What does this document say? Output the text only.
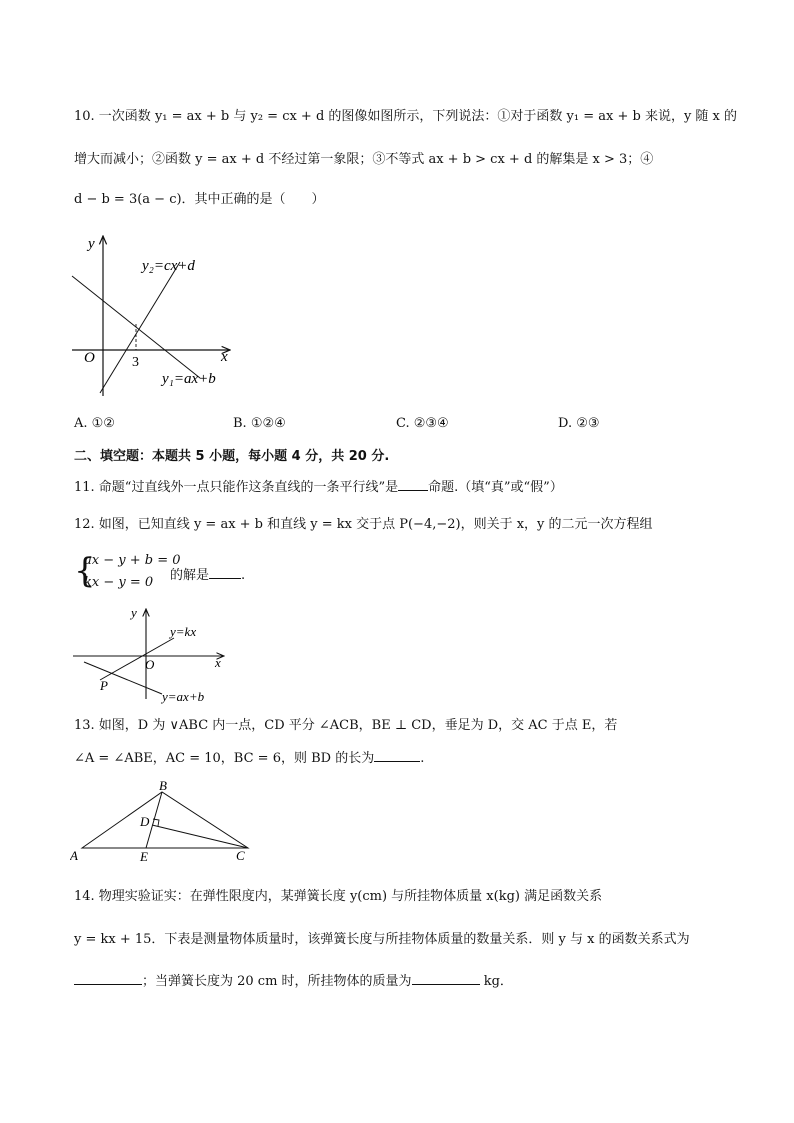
10. 一次函数 y₁ = ax + b 与 y₂ = cx + d 的图像如图所示，下列说法：①对于函数 y₁ = ax + b 来说，y 随 x 的
增大而减小；②函数 y = ax + d 不经过第一象限；③不等式 ax + b > cx + d 的解集是 x > 3；④
d − b = 3(a − c)．其中正确的是（　　）
y
x
O	3
y₂=cx+d
y₁=ax+b
A. ①②	B. ①②④	C. ②③④	D. ②③
二、填空题：本题共 5 小题，每小题 4 分，共 20 分.
11. 命题“过直线外一点只能作这条直线的一条平行线”是 命题.（填“真”或“假”）
12. 如图，已知直线 y = ax + b 和直线 y = kx 交于点 P(−4,−2)，则关于 x，y 的二元一次方程组
{
ax − y + b = 0
kx − y = 0 的解是 .
y
x
O
P
y=kx
y=ax+b
13. 如图，D 为 ∨ABC 内一点，CD 平分 ∠ACB，BE ⊥ CD，垂足为 D，交 AC 于点 E，若
∠A = ∠ABE，AC = 10，BC = 6，则 BD 的长为	.
A
B
C
D
E
14. 物理实验证实：在弹性限度内，某弹簧长度 y(cm) 与所挂物体质量 x(kg) 满足函数关系
y = kx + 15．下表是测量物体质量时，该弹簧长度与所挂物体质量的数量关系．则 y 与 x 的函数关系式为
；当弹簧长度为 20 cm 时，所挂物体的质量为	kg．
